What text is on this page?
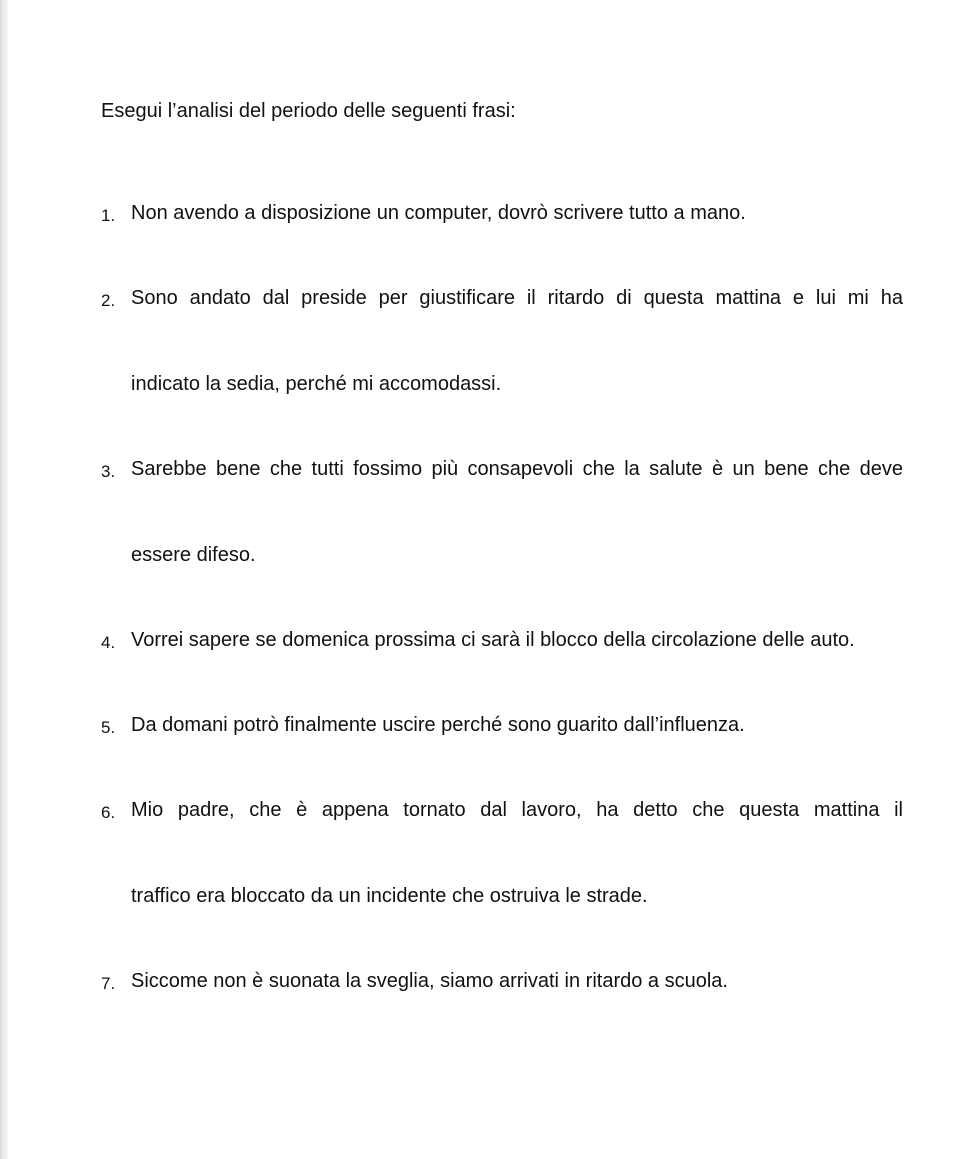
Esegui l’analisi del periodo delle seguenti frasi:
1. Non avendo a disposizione un computer, dovrò scrivere tutto a mano.
2. Sono andato dal preside per giustificare il ritardo di questa mattina e lui mi ha
indicato la sedia, perché mi accomodassi.
3. Sarebbe bene che tutti fossimo più consapevoli che la salute è un bene che deve
essere difeso.
4. Vorrei sapere se domenica prossima ci sarà il blocco della circolazione delle auto.
5. Da domani potrò finalmente uscire perché sono guarito dall’influenza.
6. Mio padre, che è appena tornato dal lavoro, ha detto che questa mattina il
traffico era bloccato da un incidente che ostruiva le strade.
7. Siccome non è suonata la sveglia, siamo arrivati in ritardo a scuola.
